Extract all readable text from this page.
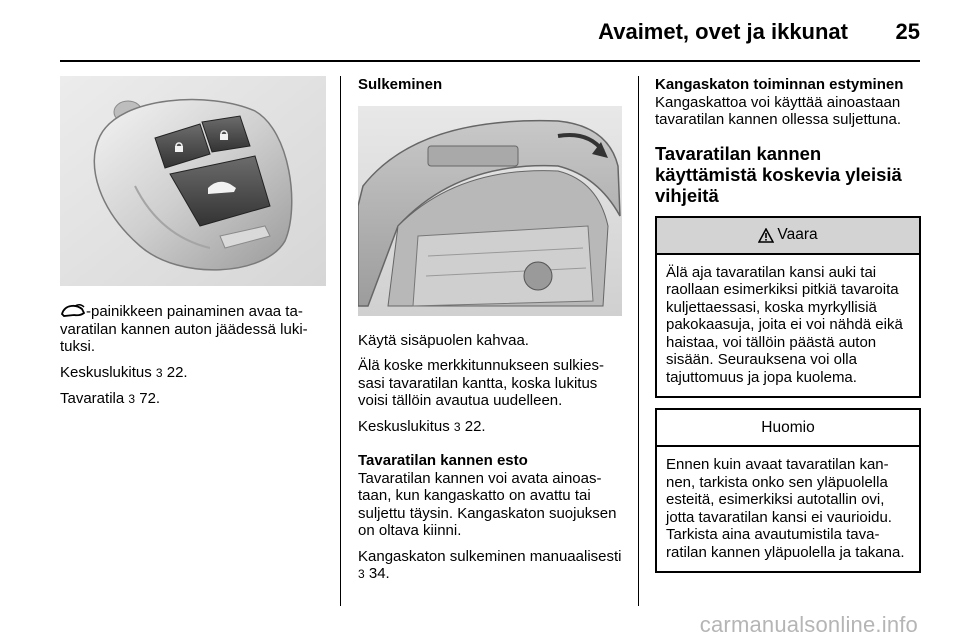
Avaimet, ovet ja ikkunat 25
-painikkeen painaminen avaa tavaratilan kannen auton jäädessä lukituksi.
Keskuslukitus 3 22.
Tavaratila 3 72.
Sulkeminen
Käytä sisäpuolen kahvaa.
Älä koske merkkitunnukseen sulkiessasi tavaratilan kantta, koska lukitus voisi tällöin avautua uudelleen.
Keskuslukitus 3 22.
Tavaratilan kannen esto
Tavaratilan kannen voi avata ainoastaan, kun kangaskatto on avattu tai suljettu täysin. Kangaskaton suojuksen on oltava kiinni.
Kangaskaton sulkeminen manuaalisesti 3 34.
Kangaskaton toiminnan estyminen
Kangaskattoa voi käyttää ainoastaan tavaratilan kannen ollessa suljettuna.
Tavaratilan kannen käyttämistä koskevia yleisiä vihjeitä
Vaara
Älä aja tavaratilan kansi auki tai raollaan esimerkiksi pitkiä tavaroita kuljettaessasi, koska myrkyllisiä pakokaasuja, joita ei voi nähdä eikä haistaa, voi tällöin päästä auton sisään. Seurauksena voi olla tajuttomuus ja jopa kuolema.
Huomio
Ennen kuin avaat tavaratilan kannen, tarkista onko sen yläpuolella esteitä, esimerkiksi autotallin ovi, jotta tavaratilan kansi ei vaurioidu. Tarkista aina avautumistila tavaratilan kannen yläpuolella ja takana.
carmanualsonline.info
